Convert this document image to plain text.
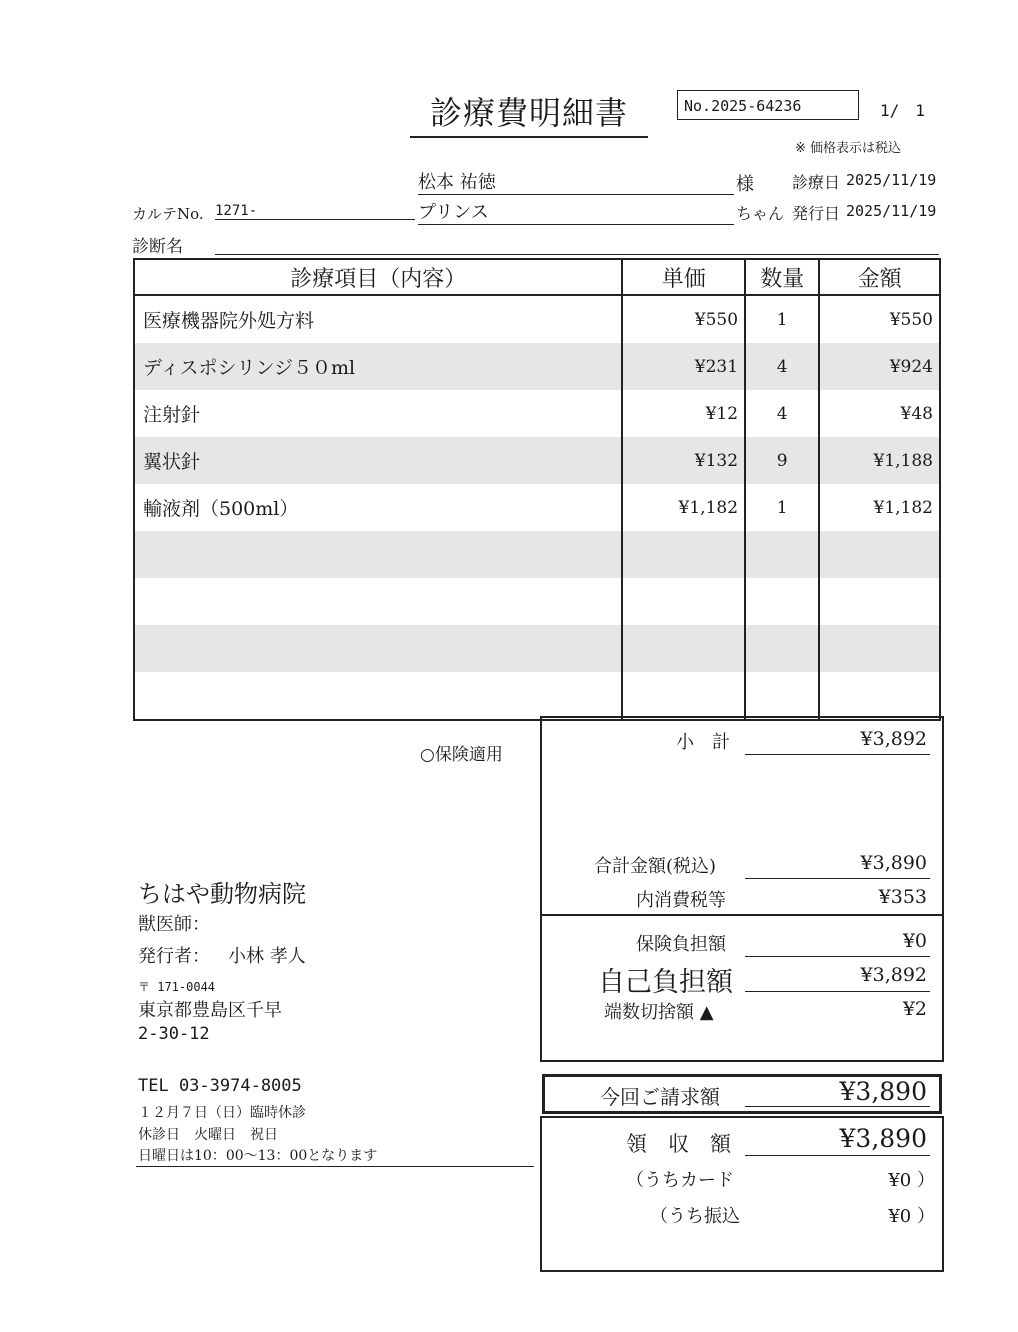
診療費明細書	No.2025-64236	1/　1
※ 価格表示は税込
松本 祐徳	様 診療日 2025/11/19
カルテNo. 1271-	プリンス	ちゃん 発行日 2025/11/19
診断名
診療項目（内容）	単価	数量	金額
医療機器院外処方料	¥550	1	¥550
ディスポシリンジ５０ml	¥231	4	¥924
注射針	¥12	4	¥48
翼状針	¥132	9	¥1,188
輸液剤（500ml）	¥1,182	1	¥1,182

○保険適用
小　計	¥3,892
合計金額(税込)	¥3,890
内消費税等	¥353
保険負担額	¥0
自己負担額	¥3,892
端数切捨額 ▲	¥2
今回ご請求額	¥3,890
領　収　額	¥3,890
（うちカード	¥0 ）
（うち振込	¥0 ）
ちはや動物病院
獣医師：
発行者： 小林 孝人
〒 171-0044
東京都豊島区千早
2-30-12
TEL 03-3974-8005
１２月７日（日）臨時休診
休診日　火曜日　祝日
日曜日は10：00〜13：00となります
